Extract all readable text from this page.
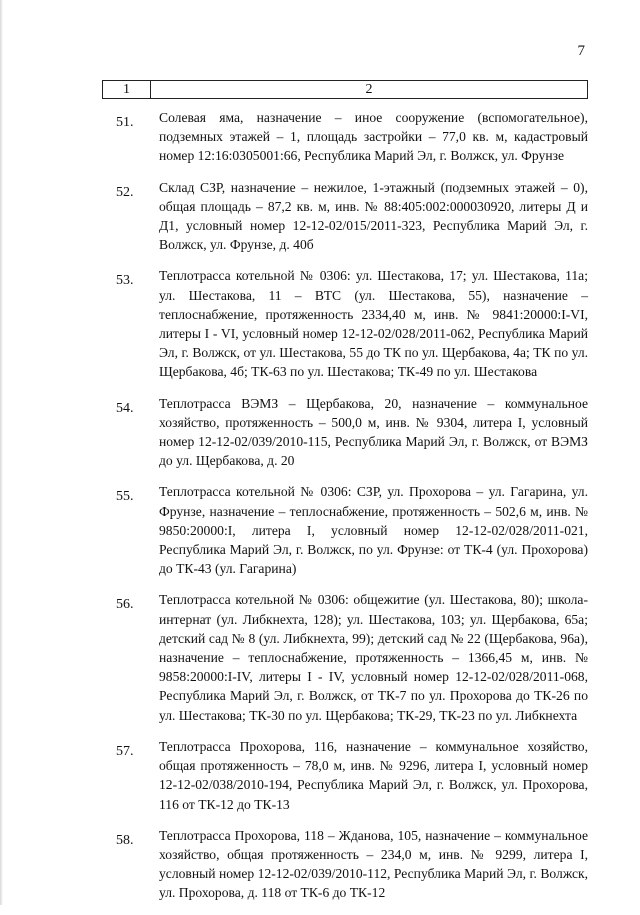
7
1	2
51.	Солевая яма, назначение – иное сооружение (вспомогательное), подземных этажей – 1, площадь застройки – 77,0 кв. м, кадастровый номер 12:16:0305001:66, Республика Марий Эл, г. Волжск, ул. Фрунзе
52.	Склад СЗР, назначение – нежилое, 1-этажный (подземных этажей – 0), общая площадь – 87,2 кв. м, инв. № 88:405:002:000030920, литеры Д и Д1, условный номер 12-12-02/015/2011-323, Республика Марий Эл, г. Волжск, ул. Фрунзе, д. 40б
53.	Теплотрасса котельной № 0306: ул. Шестакова, 17; ул. Шестакова, 11а; ул. Шестакова, 11 – ВТС (ул. Шестакова, 55), назначение – теплоснабжение, протяженность 2334,40 м, инв. № 9841:20000:I-VI, литеры I - VI, условный номер 12-12-02/028/2011-062, Республика Марий Эл, г. Волжск, от ул. Шестакова, 55 до ТК по ул. Щербакова, 4а; ТК по ул. Щербакова, 4б; ТК-63 по ул. Шестакова; ТК-49 по ул. Шестакова
54.	Теплотрасса ВЭМЗ – Щербакова, 20, назначение – коммунальное хозяйство, протяженность – 500,0 м, инв. № 9304, литера I, условный номер 12-12-02/039/2010-115, Республика Марий Эл, г. Волжск, от ВЭМЗ до ул. Щербакова, д. 20
55.	Теплотрасса котельной № 0306: СЗР, ул. Прохорова – ул. Гагарина, ул. Фрунзе, назначение – теплоснабжение, протяженность – 502,6 м, инв. № 9850:20000:I, литера I, условный номер 12-12-02/028/2011-021, Республика Марий Эл, г. Волжск, по ул. Фрунзе: от ТК-4 (ул. Прохорова) до ТК-43 (ул. Гагарина)
56.	Теплотрасса котельной № 0306: общежитие (ул. Шестакова, 80); школа-интернат (ул. Либкнехта, 128); ул. Шестакова, 103; ул. Щербакова, 65а; детский сад № 8 (ул. Либкнехта, 99); детский сад № 22 (Щербакова, 96а), назначение – теплоснабжение, протяженность – 1366,45 м, инв. № 9858:20000:I-IV, литеры I - IV, условный номер 12-12-02/028/2011-068, Республика Марий Эл, г. Волжск, от ТК-7 по ул. Прохорова до ТК-26 по ул. Шестакова; ТК-30 по ул. Щербакова; ТК-29, ТК-23 по ул. Либкнехта
57.	Теплотрасса Прохорова, 116, назначение – коммунальное хозяйство, общая протяженность – 78,0 м, инв. № 9296, литера I, условный номер 12-12-02/038/2010-194, Республика Марий Эл, г. Волжск, ул. Прохорова, 116 от ТК-12 до ТК-13
58.	Теплотрасса Прохорова, 118 – Жданова, 105, назначение – коммунальное хозяйство, общая протяженность – 234,0 м, инв. № 9299, литера I, условный номер 12-12-02/039/2010-112, Республика Марий Эл, г. Волжск, ул. Прохорова, д. 118 от ТК-6 до ТК-12
